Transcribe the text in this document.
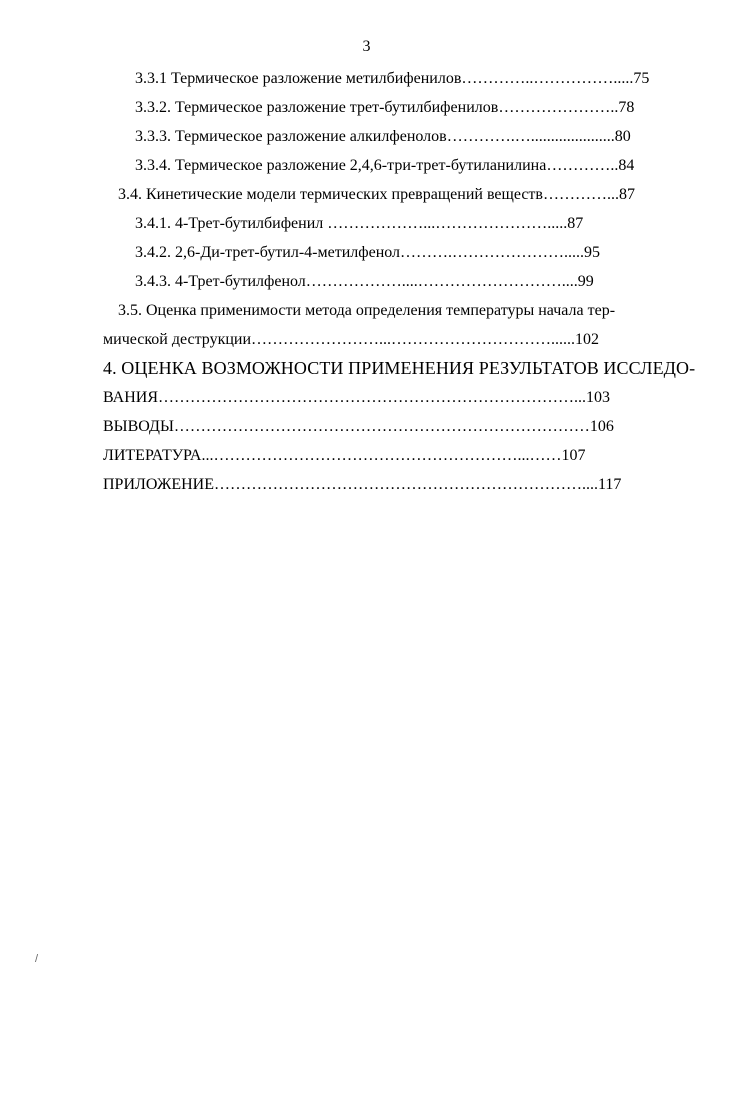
3
3.3.1 Термическое разложение метилбифенилов…………..…………….....75
3.3.2. Термическое разложение трет-бутилбифенилов…………………..78
3.3.3. Термическое разложение алкилфенолов………….….....................80
3.3.4. Термическое разложение 2,4,6-три-трет-бутиланилина…………..84
3.4. Кинетические модели термических превращений веществ…………...87
3.4.1. 4-Трет-бутилбифенил ………………...………………….....87
3.4.2. 2,6-Ди-трет-бутил-4-метилфенол……….………………….....95
3.4.3. 4-Трет-бутилфенол………………....………………………....99
3.5. Оценка применимости метода определения температуры начала тер-
мической деструкции……………………...…………………………......102
4. ОЦЕНКА ВОЗМОЖНОСТИ ПРИМЕНЕНИЯ РЕЗУЛЬТАТОВ ИССЛЕДО-
ВАНИЯ……………………………………………………………………...103
ВЫВОДЫ……………………………………………………………………106
ЛИТЕРАТУРА...…………………………………………………...……107
ПРИЛОЖЕНИЕ……………………………………………………………....117
/
